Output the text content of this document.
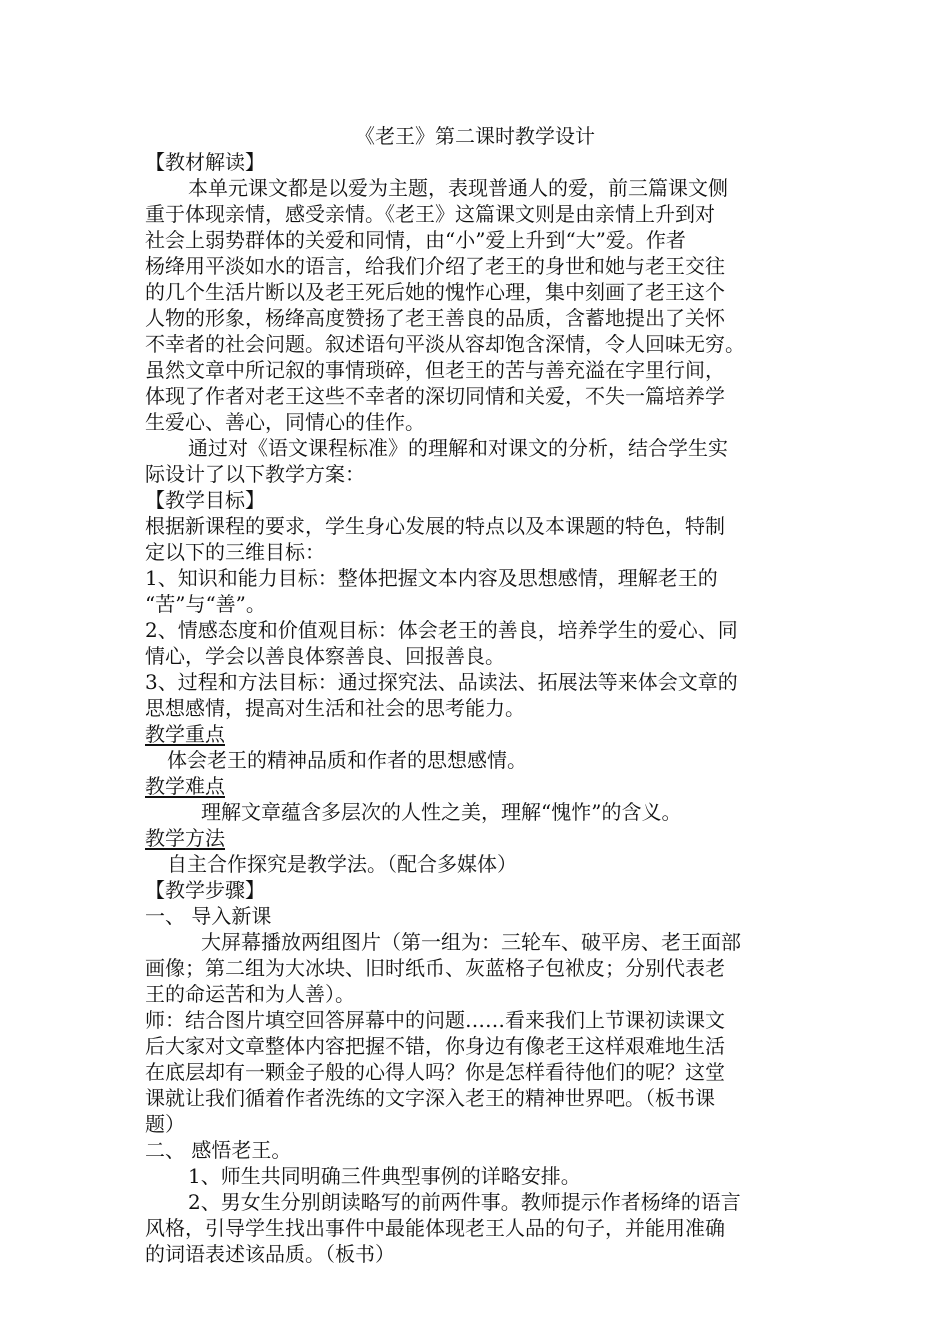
《老王》第二课时教学设计
【教材解读】
本单元课文都是以爱为主题，表现普通人的爱，前三篇课文侧
重于体现亲情，感受亲情。《老王》这篇课文则是由亲情上升到对
社会上弱势群体的关爱和同情，由“小”爱上升到“大”爱。作者
杨绛用平淡如水的语言，给我们介绍了老王的身世和她与老王交往
的几个生活片断以及老王死后她的愧怍心理，集中刻画了老王这个
人物的形象，杨绛高度赞扬了老王善良的品质，含蓄地提出了关怀
不幸者的社会问题。叙述语句平淡从容却饱含深情，令人回味无穷。
虽然文章中所记叙的事情琐碎，但老王的苦与善充溢在字里行间，
体现了作者对老王这些不幸者的深切同情和关爱，不失一篇培养学
生爱心、善心，同情心的佳作。
通过对《语文课程标准》的理解和对课文的分析，结合学生实
际设计了以下教学方案：
【教学目标】
根据新课程的要求，学生身心发展的特点以及本课题的特色，特制
定以下的三维目标：
1、知识和能力目标：整体把握文本内容及思想感情，理解老王的
“苦”与“善”。
2、情感态度和价值观目标：体会老王的善良，培养学生的爱心、同
情心，学会以善良体察善良、回报善良。
3、过程和方法目标：通过探究法、品读法、拓展法等来体会文章的
思想感情，提高对生活和社会的思考能力。
教学重点
体会老王的精神品质和作者的思想感情。
教学难点
理解文章蕴含多层次的人性之美，理解“愧怍”的含义。
教学方法
自主合作探究是教学法。（配合多媒体）
【教学步骤】
一、 导入新课
大屏幕播放两组图片（第一组为：三轮车、破平房、老王面部
画像；第二组为大冰块、旧时纸币、灰蓝格子包袱皮；分别代表老
王的命运苦和为人善）。
师：结合图片填空回答屏幕中的问题……看来我们上节课初读课文
后大家对文章整体内容把握不错，你身边有像老王这样艰难地生活
在底层却有一颗金子般的心得人吗？你是怎样看待他们的呢？这堂
课就让我们循着作者洗练的文字深入老王的精神世界吧。（板书课
题）
二、 感悟老王。
1、师生共同明确三件典型事例的详略安排。
2、男女生分别朗读略写的前两件事。教师提示作者杨绛的语言
风格，引导学生找出事件中最能体现老王人品的句子，并能用准确
的词语表述该品质。（板书）
